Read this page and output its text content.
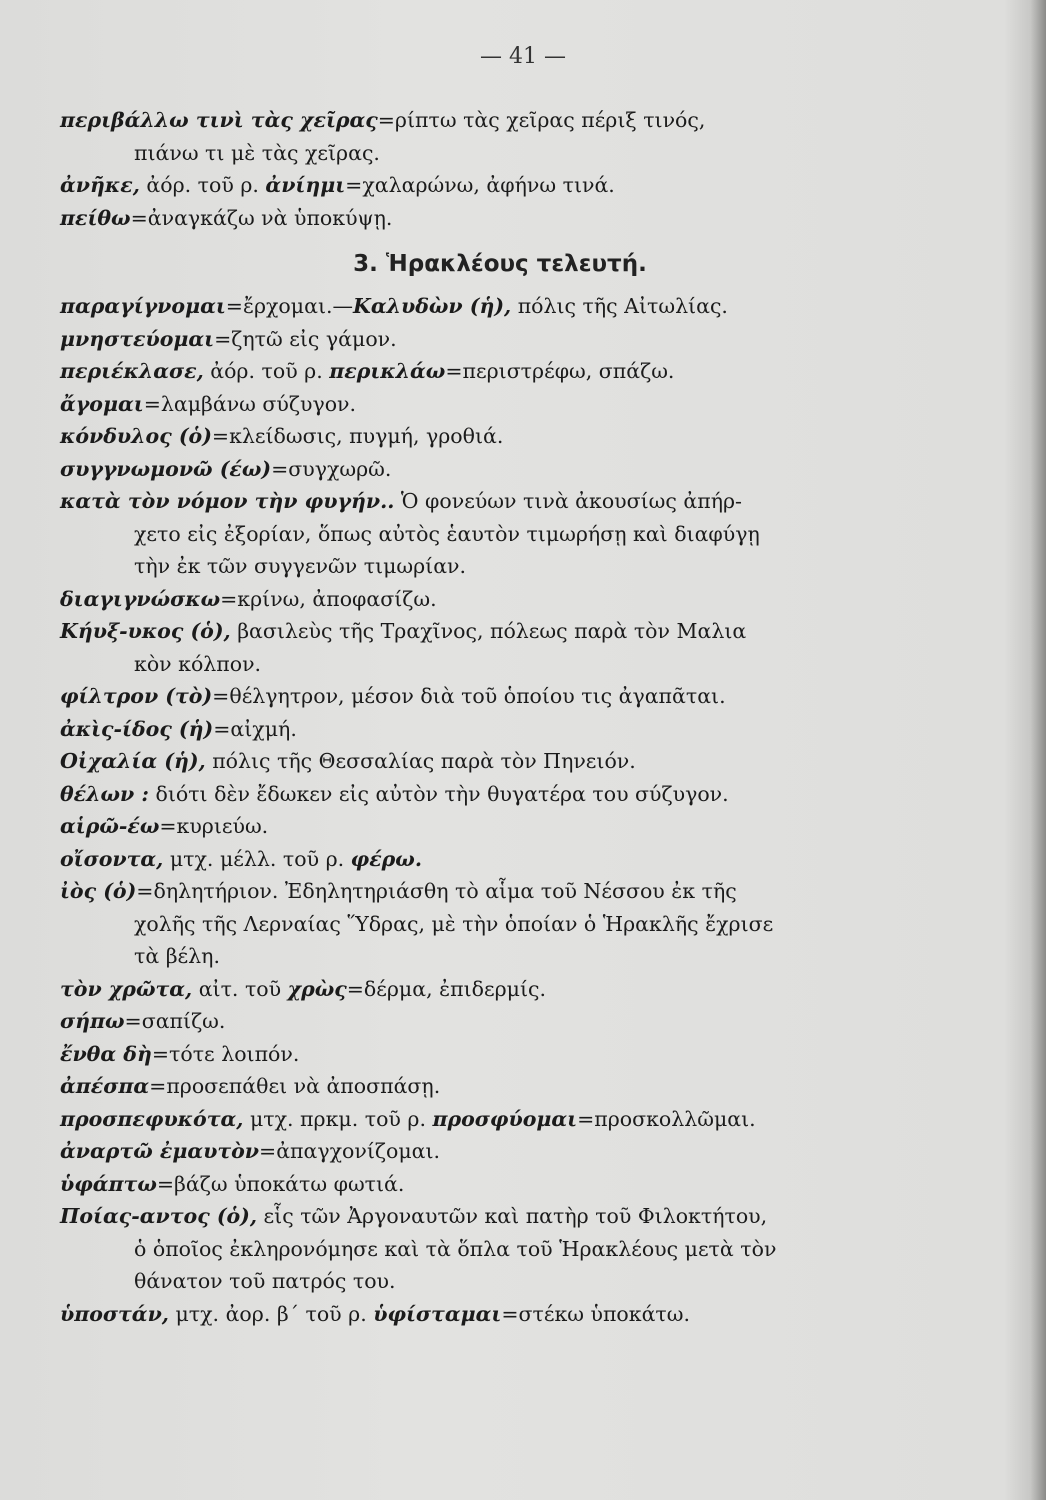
— 41 —

περιβάλλω τινὶ τὰς χεῖρας=ρίπτω τὰς χεῖρας πέριξ τινός,

πιάνω τι μὲ τὰς χεῖρας.

ἀνῆκε, ἀόρ. τοῦ ρ. ἀνίημι=χαλαρώνω, ἀφήνω τινά.

πείθω=ἀναγκάζω νὰ ὑποκύψῃ.

3. Ἡρακλέους τελευτή.

παραγίγνομαι=ἔρχομαι.—Καλυδὼν (ἡ), πόλις τῆς Αἰτωλίας.

μνηστεύομαι=ζητῶ εἰς γάμον.

περιέκλασε, ἀόρ. τοῦ ρ. περικλάω=περιστρέφω, σπάζω.

ἄγομαι=λαμβάνω σύζυγον.

κόνδυλος (ὁ)=κλείδωσις, πυγμή, γροθιά.

συγγνωμονῶ (έω)=συγχωρῶ.

κατὰ τὸν νόμον τὴν φυγήν.. Ὁ φονεύων τινὰ ἀκουσίως ἀπήρ-

χετο εἰς ἐξορίαν, ὅπως αὐτὸς ἑαυτὸν τιμωρήσῃ καὶ διαφύγῃ

τὴν ἐκ τῶν συγγενῶν τιμωρίαν.

διαγιγνώσκω=κρίνω, ἀποφασίζω.

Κήυξ-υκος (ὁ), βασιλεὺς τῆς Τραχῖνος, πόλεως παρὰ τὸν Μαλια

κὸν κόλπον.

φίλτρον (τὸ)=θέλγητρον, μέσον διὰ τοῦ ὁποίου τις ἀγαπᾶται.

ἀκὶς-ίδος (ἡ)=αἰχμή.

Οἰχαλία (ἡ), πόλις τῆς Θεσσαλίας παρὰ τὸν Πηνειόν.

θέλων : διότι δὲν ἔδωκεν εἰς αὐτὸν τὴν θυγατέρα του σύζυγον.

αἱρῶ-έω=κυριεύω.

οἴσοντα, μτχ. μέλλ. τοῦ ρ. φέρω.

ἰὸς (ὁ)=δηλητήριον. Ἐδηλητηριάσθη τὸ αἷμα τοῦ Νέσσου ἐκ τῆς

χολῆς τῆς Λερναίας Ὕδρας, μὲ τὴν ὁποίαν ὁ Ἡρακλῆς ἔχρισε

τὰ βέλη.

τὸν χρῶτα, αἰτ. τοῦ χρὼς=δέρμα, ἐπιδερμίς.

σήπω=σαπίζω.

ἔνθα δὴ=τότε λοιπόν.

ἀπέσπα=προσεπάθει νὰ ἀποσπάσῃ.

προσπεφυκότα, μτχ. πρκμ. τοῦ ρ. προσφύομαι=προσκολλῶμαι.

ἀναρτῶ ἐμαυτὸν=ἀπαγχονίζομαι.

ὑφάπτω=βάζω ὑποκάτω φωτιά.

Ποίας-αντος (ὁ), εἷς τῶν Ἀργοναυτῶν καὶ πατὴρ τοῦ Φιλοκτήτου,

ὁ ὁποῖος ἐκληρονόμησε καὶ τὰ ὅπλα τοῦ Ἡρακλέους μετὰ τὸν

θάνατον τοῦ πατρός του.

ὑποστάν, μτχ. ἀορ. β΄ τοῦ ρ. ὑφίσταμαι=στέκω ὑποκάτω.
